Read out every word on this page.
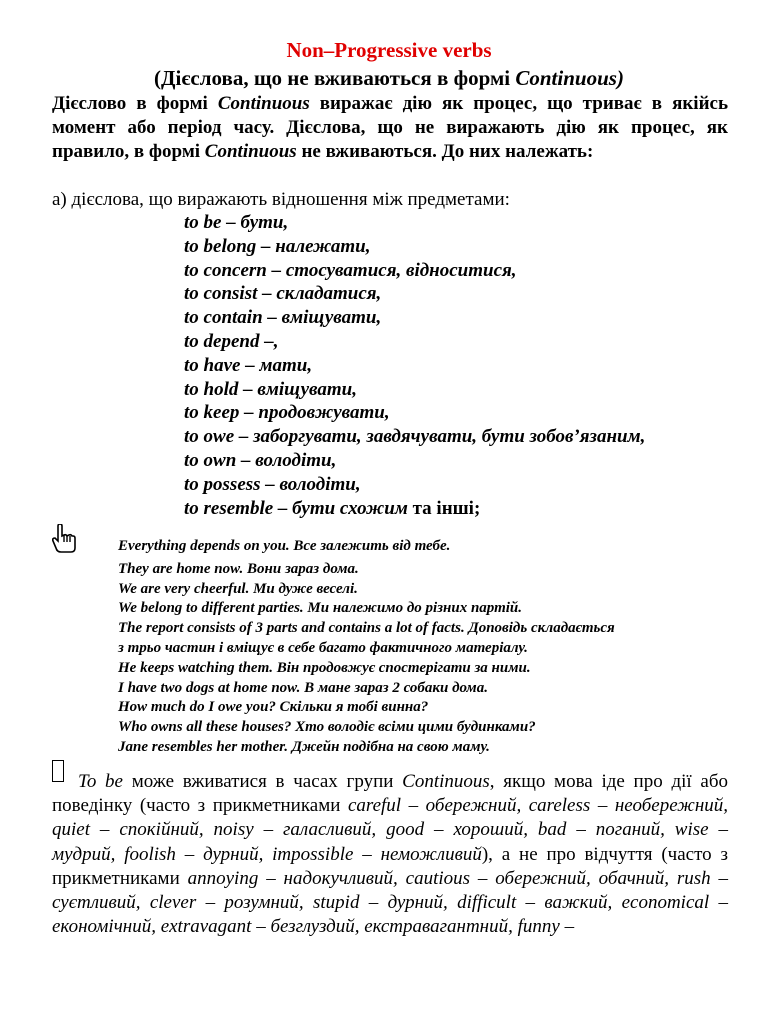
Non–Progressive verbs
(Дієслова, що не вживаються в формі Continuous)

Дієслово в формі Continuous виражає дію як процес, що триває в якійсь момент або період часу. Дієслова, що не виражають дію як процес, як правило, в формі Continuous не вживаються. До них належать:

а) дієслова, що виражають відношення між предметами:

to be – бути,
to belong – належати,
to concern – стосуватися, відноситися,
to consist – складатися,
to contain – вміщувати,
to depend –,
to have – мати,
to hold – вміщувати,
to keep – продовжувати,
to owe – заборгувати, завдячувати, бути зобов’язаним,
to own – володіти,
to possess – володіти,
to resemble – бути схожим та інші;
Everything depends on you. Все залежить від тебе.
They are home now. Вони зараз дома.
We are very cheerful. Ми дуже веселі.
We belong to different parties. Ми належимо до різних партій.
The report consists of 3 parts and contains a lot of facts. Доповідь складається
з трьо частин і вміщує в себе багато фактичного матеріалу.
He keeps watching them. Він продовжує спостерігати за ними.
I have two dogs at home now. В мане зараз 2 собаки дома.
How much do I owe you? Скільки я тобі винна?
Who owns all these houses? Хто володіє всіми цими будинками?
Jane resembles her mother. Джейн подібна на свою маму.

To be може вживатися в часах групи Continuous, якщо мова іде про дії або поведінку (часто з прикметниками careful – обережний, careless – необережний, quiet – спокійний, noisy – галасливий, good – хороший, bad – поганий, wise – мудрий, foolish – дурний, impossible – неможливий), а не про відчуття (часто з прикметниками annoying – надокучливий, cautious – обережний, обачний, rush – суєтливий, clever – розумний, stupid – дурний, difficult – важкий, economical – економічний, extravagant – безглуздий, екстравагантний, funny –
